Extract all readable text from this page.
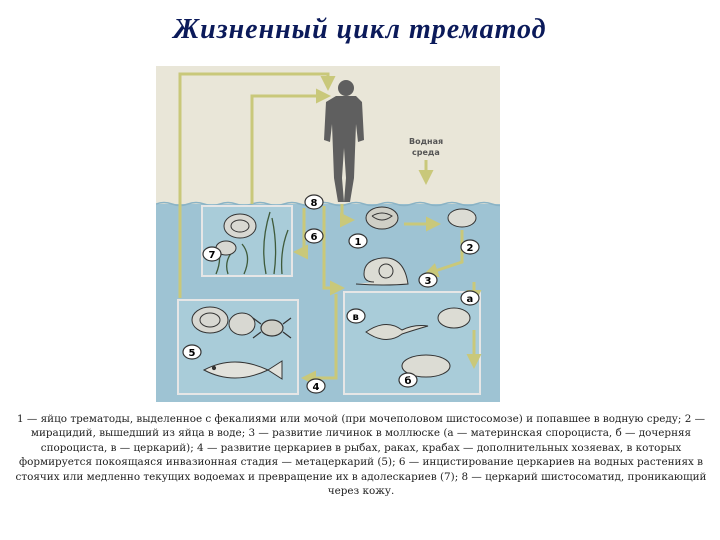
Жизненный цикл трематод
Водная
среда
1
2
3
4
5
6
7
8
а
б
в
1 — яйцо трематоды, выделенное с фекалиями или мочой (при мочеполовом шистосомозе) и попавшее в водную среду; 2 — мирацидий, вышедший из яйца в воде; 3 — развитие личинок в моллюске (а — материнская спороциста, б — дочерняя спороциста, в — церкарий); 4 — развитие церкариев в рыбах, раках, крабах — дополнительных хозяевах, в которых формируется покоящаяся инвазионная стадия — метацеркарий (5); 6 — инцистирование церкариев на водных растениях в стоячих или медленно текущих водоемах и превращение их в адолескариев (7); 8 — церкарий шистосоматид, проникающий через кожу.
